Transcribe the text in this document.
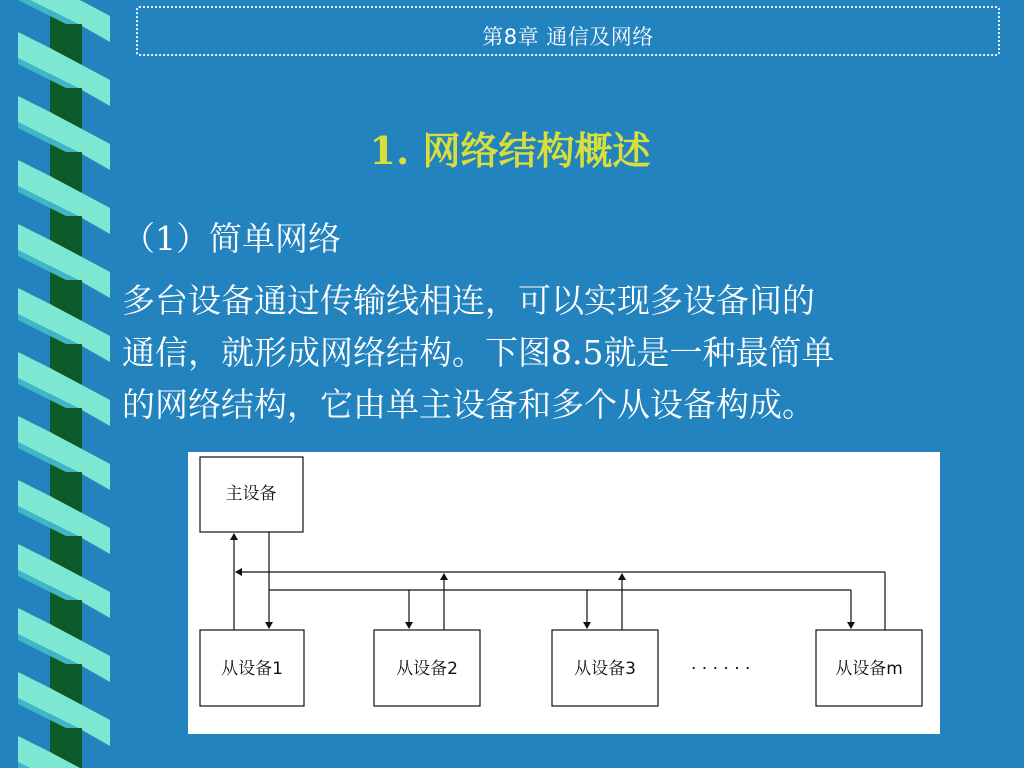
第8章 通信及网络
1. 网络结构概述
（1）简单网络
多台设备通过传输线相连，可以实现多设备间的
通信，就形成网络结构。下图8.5就是一种最简单
的网络结构，它由单主设备和多个从设备构成。
主设备
从设备1	从设备2	从设备3	从设备m
· · · · · ·
